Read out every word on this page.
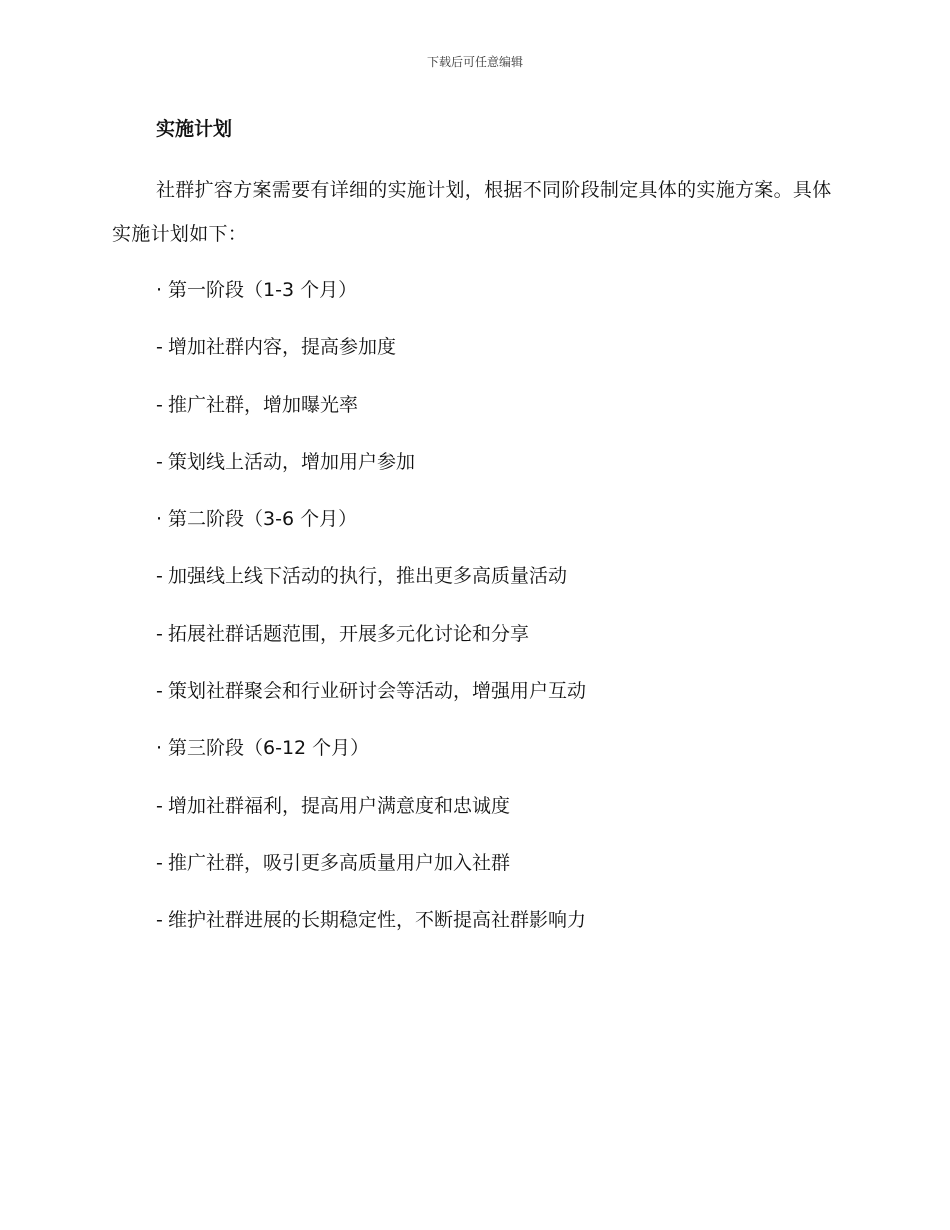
下载后可任意编辑
实施计划

社群扩容方案需要有详细的实施计划，根据不同阶段制定具体的实施方案。具体实施计划如下：

· 第一阶段（1-3 个月）
- 增加社群内容，提高参加度
- 推广社群，增加曝光率
- 策划线上活动，增加用户参加
· 第二阶段（3-6 个月）
- 加强线上线下活动的执行，推出更多高质量活动
- 拓展社群话题范围，开展多元化讨论和分享
- 策划社群聚会和行业研讨会等活动，增强用户互动
· 第三阶段（6-12 个月）
- 增加社群福利，提高用户满意度和忠诚度
- 推广社群，吸引更多高质量用户加入社群
- 维护社群进展的长期稳定性，不断提高社群影响力
